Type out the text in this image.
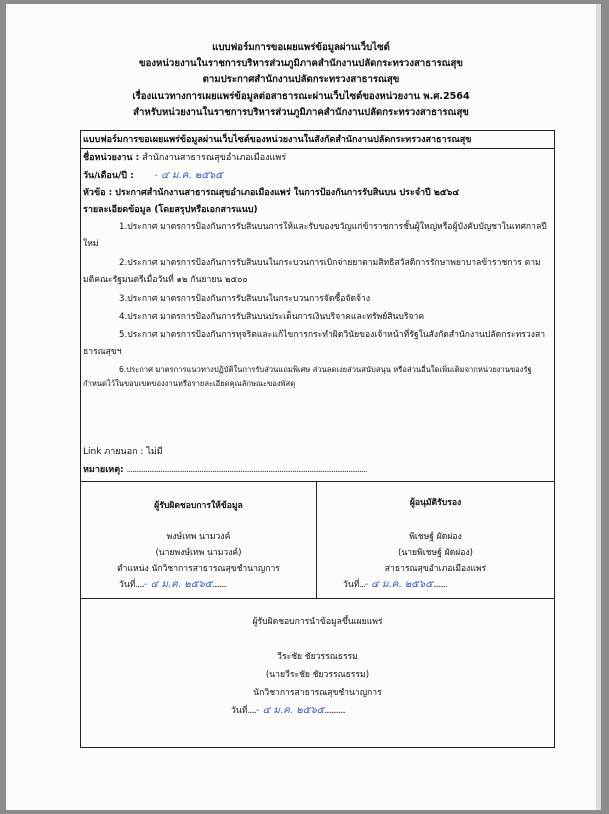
แบบฟอร์มการขอเผยแพร่ข้อมูลผ่านเว็บไซต์
ของหน่วยงานในราชการบริหารส่วนภูมิภาคสำนักงานปลัดกระทรวงสาธารณสุข
ตามประกาศสำนักงานปลัดกระทรวงสาธารณสุข
เรื่องแนวทางการเผยแพร่ข้อมูลต่อสาธารณะผ่านเว็บไซต์ของหน่วยงาน พ.ศ.2564
สำหรับหน่วยงานในราชการบริหารส่วนภูมิภาคสำนักงานปลัดกระทรวงสาธารณสุข
แบบฟอร์มการขอเผยแพร่ข้อมูลผ่านเว็บไซต์ของหน่วยงานในสังกัดสำนักงานปลัดกระทรวงสาธารณสุข
ชื่อหน่วยงาน : สำนักงานสาธารณสุขอำเภอเมืองแพร่
วัน/เดือน/ปี : - ๔ ม.ค. ๒๕๖๕
หัวข้อ : ประกาศสำนักงานสาธารณสุขอำเภอเมืองแพร่ ในการป้องกันการรับสินบน ประจำปี ๒๕๖๔
รายละเอียดข้อมูล (โดยสรุปหรือเอกสารแนบ)
1.ประกาศ มาตรการป้องกันการรับสินบนการให้และรับของขวัญแก่ข้าราชการชั้นผู้ใหญ่หรือผู้บังคับบัญชาในเทศกาลปีใหม่
2.ประกาศ มาตรการป้องกันการรับสินบนในกระบวนการเบิกจ่ายยาตามสิทธิสวัสดิการรักษาพยาบาลข้าราชการ ตามมติคณะรัฐมนตรีเมื่อวันที่ ๑๒ กันยายน ๒๕๐๐
3.ประกาศ มาตรการป้องกันการรับสินบนในกระบวนการจัดซื้อจัดจ้าง
4.ประกาศ มาตรการป้องกันการรับสินบนประเด็นการเงินบริจาคและทรัพย์สินบริจาค
5.ประกาศ มาตรการป้องกันการทุจริตและแก้ไขการกระทำผิดวินัยของเจ้าหน้าที่รัฐในสังกัดสำนักงานปลัดกระทรวงสาธารณสุขฯ
6.ประกาศ มาตรการแนวทางปฏิบัติในการรับส่วนแถมพิเศษ ส่วนลดเงยส่วนสนับสนุน หรือส่วนอื่นใดเพิ่มเติมจากหน่วยงานของรัฐกำหนดไว้ในขอบเขตของงานหรือรายละเอียดคุณลักษณะของพัสดุ
Link ภายนอก : ไม่มี
หมายเหตุ: .................................................................................................................................
ผู้รับผิดชอบการให้ข้อมูล
พงษ์เทพ นามวงค์
(นายพงษ์เทพ นามวงค์)
ตำแหน่ง นักวิชาการสาธารณสุขชำนาญการ
วันที่.....- ๔ ม.ค. ๒๕๖๕........
ผู้อนุมัติรับรอง
พิเชษฐ์ ผัดผ่อง
(นายพิเชษฐ์ ผัดผ่อง)
สาธารณสุขอำเภอเมืองแพร่
วันที่...- ๔ ม.ค. ๒๕๖๕........
ผู้รับผิดชอบการนำข้อมูลขึ้นเผยแพร่
วีระชัย ชัยวรรณธรรม
(นายวีระชัย ชัยวรรณธรรม)
นักวิชาการสาธารณสุขชำนาญการ
วันที่.....- ๔ ม.ค. ๒๕๖๕............
